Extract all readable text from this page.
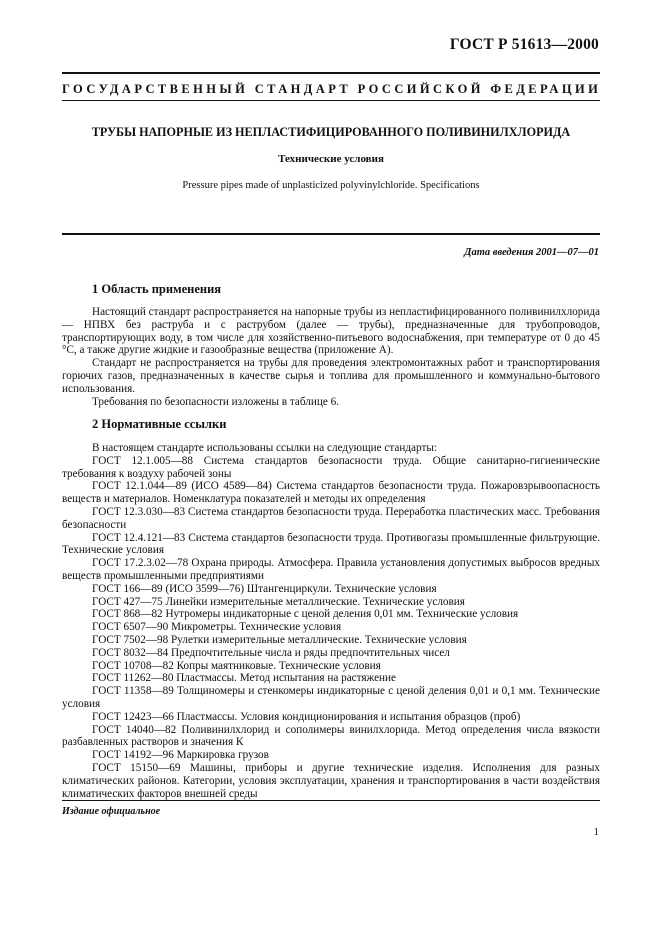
ГОСТ Р 51613—2000
ГОСУДАРСТВЕННЫЙ СТАНДАРТ РОССИЙСКОЙ ФЕДЕРАЦИИ
ТРУБЫ НАПОРНЫЕ ИЗ НЕПЛАСТИФИЦИРОВАННОГО ПОЛИВИНИЛХЛОРИДА
Технические условия
Pressure pipes made of unplasticized polyvinylchloride. Specifications
Дата введения 2001—07—01
1 Область применения

Настоящий стандарт распространяется на напорные трубы из непластифицированного поливинилхлорида — НПВХ без раструба и с раструбом (далее — трубы), предназначенные для трубопроводов, транспортирующих воду, в том числе для хозяйственно-питьевого водоснабжения, при температуре от 0 до 45 °С, а также другие жидкие и газообразные вещества (приложение А).

Стандарт не распространяется на трубы для проведения электромонтажных работ и транспортирования горючих газов, предназначенных в качестве сырья и топлива для промышленного и коммунально-бытового использования.

Требования по безопасности изложены в таблице 6.

2 Нормативные ссылки

В настоящем стандарте использованы ссылки на следующие стандарты:

ГОСТ 12.1.005—88 Система стандартов безопасности труда. Общие санитарно-гигиенические требования к воздуху рабочей зоны

ГОСТ 12.1.044—89 (ИСО 4589—84) Система стандартов безопасности труда. Пожаровзрывоопасность веществ и материалов. Номенклатура показателей и методы их определения

ГОСТ 12.3.030—83 Система стандартов безопасности труда. Переработка пластических масс. Требования безопасности

ГОСТ 12.4.121—83 Система стандартов безопасности труда. Противогазы промышленные фильтрующие. Технические условия

ГОСТ 17.2.3.02—78 Охрана природы. Атмосфера. Правила установления допустимых выбросов вредных веществ промышленными предприятиями

ГОСТ 166—89 (ИСО 3599—76) Штангенциркули. Технические условия

ГОСТ 427—75 Линейки измерительные металлические. Технические условия

ГОСТ 868—82 Нутромеры индикаторные с ценой деления 0,01 мм. Технические условия

ГОСТ 6507—90 Микрометры. Технические условия

ГОСТ 7502—98 Рулетки измерительные металлические. Технические условия

ГОСТ 8032—84 Предпочтительные числа и ряды предпочтительных чисел

ГОСТ 10708—82 Копры маятниковые. Технические условия

ГОСТ 11262—80 Пластмассы. Метод испытания на растяжение

ГОСТ 11358—89 Толщиномеры и стенкомеры индикаторные с ценой деления 0,01 и 0,1 мм. Технические условия

ГОСТ 12423—66 Пластмассы. Условия кондиционирования и испытания образцов (проб)

ГОСТ 14040—82 Поливинилхлорид и сополимеры винилхлорида. Метод определения числа вязкости разбавленных растворов и значения К

ГОСТ 14192—96 Маркировка грузов

ГОСТ 15150—69 Машины, приборы и другие технические изделия. Исполнения для разных климатических районов. Категории, условия эксплуатации, хранения и транспортирования в части воздействия климатических факторов внешней среды

Издание официальное
1
